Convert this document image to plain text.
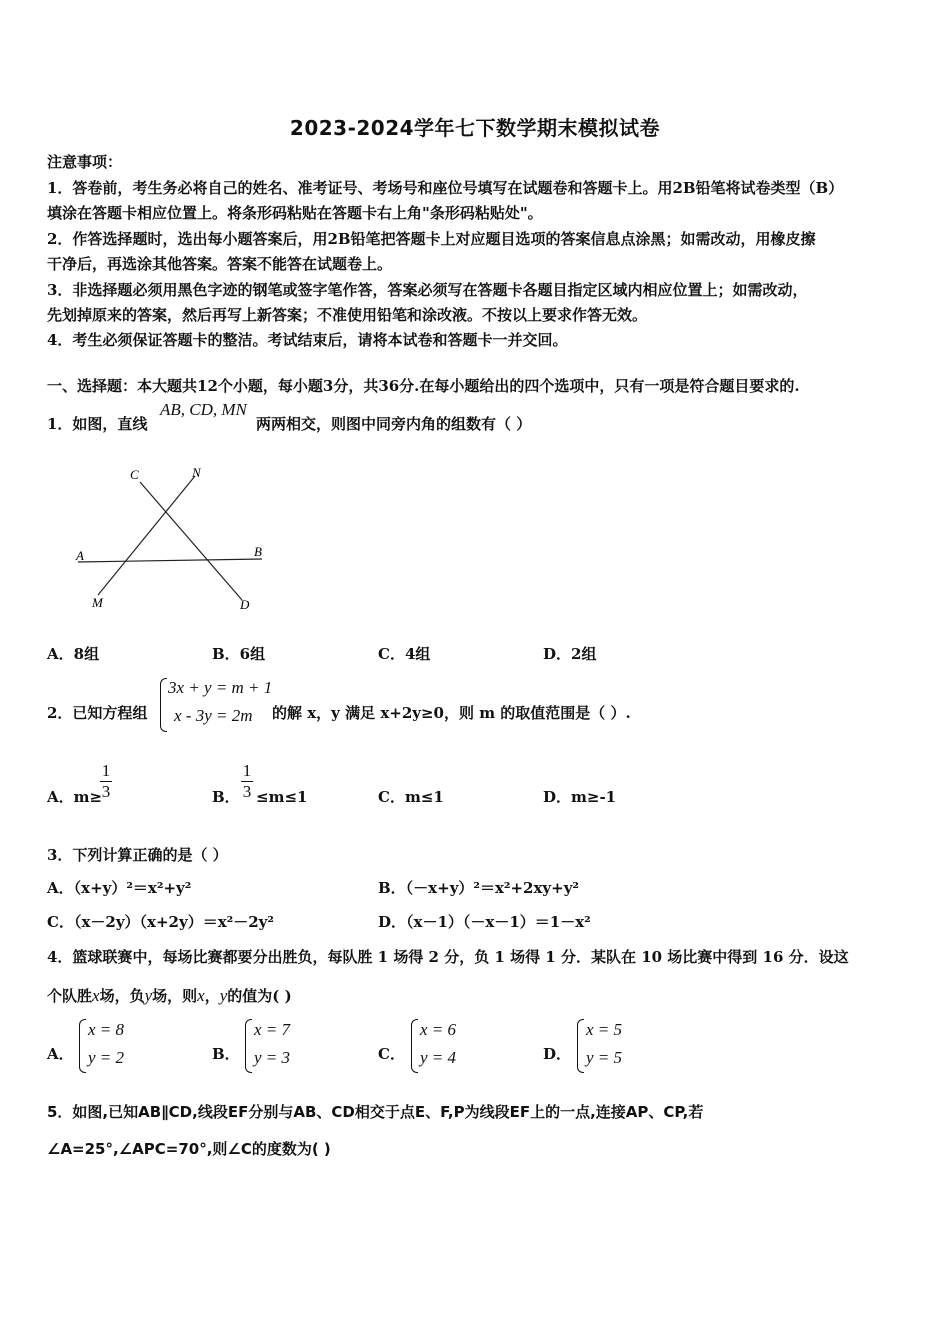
2023-2024学年七下数学期末模拟试卷
注意事项：
1．答卷前，考生务必将自己的姓名、准考证号、考场号和座位号填写在试题卷和答题卡上。用2B铅笔将试卷类型（B）
填涂在答题卡相应位置上。将条形码粘贴在答题卡右上角"条形码粘贴处"。
2．作答选择题时，选出每小题答案后，用2B铅笔把答题卡上对应题目选项的答案信息点涂黑；如需改动，用橡皮擦
干净后，再选涂其他答案。答案不能答在试题卷上。
3．非选择题必须用黑色字迹的钢笔或签字笔作答，答案必须写在答题卡各题目指定区域内相应位置上；如需改动，
先划掉原来的答案，然后再写上新答案；不准使用铅笔和涂改液。不按以上要求作答无效。
4．考生必须保证答题卡的整洁。考试结束后，请将本试卷和答题卡一并交回。
一、选择题：本大题共12个小题，每小题3分，共36分.在每小题给出的四个选项中，只有一项是符合题目要求的.
1．如图，直线
AB, CD, MN
两两相交，则图中同旁内角的组数有（ ）
A	B
C
D
M
N
A．8组	B．6组	C．4组	D．2组
2．已知方程组
3x + y = m + 1
x - 3y = 2m 的解 x，y 满足 x+2y≥0，则 m 的取值范围是（ ）.
A．m≥
1
3	B．
1
3 ≤m≤1	C．m≤1	D．m≥-1
3．下列计算正确的是（ ）
A．（x+y）²＝x²+y²	B．（－x+y）²＝x²+2xy+y²
C．（x－2y）（x+2y）＝x²－2y²	D．（x－1）（－x－1）＝1－x²
4．篮球联赛中，每场比赛都要分出胜负，每队胜 1 场得 2 分，负 1 场得 1 分．某队在 10 场比赛中得到 16 分．设这
个队胜x场，负y场，则x，y的值为( )
A．
x = 8
y = 2	B．
x = 7
y = 3	C．
x = 6
y = 4	D．
x = 5
y = 5
5．如图,已知AB∥CD,线段EF分别与AB、CD相交于点E、F,P为线段EF上的一点,连接AP、CP,若
∠A=25°,∠APC=70°,则∠C的度数为( )
